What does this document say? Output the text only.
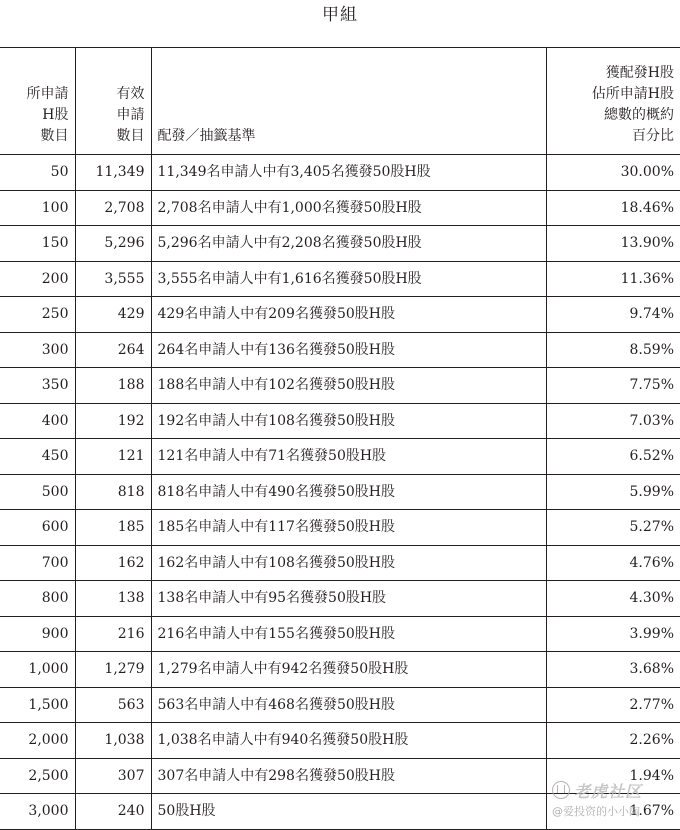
甲組
所申請
H股
數目	有效
申請
數目	配發／抽籤基準	獲配發H股
佔所申請H股
總數的概約
百分比
50	11,349	11,349名申請人中有3,405名獲發50股H股	30.00%
100	2,708	2,708名申請人中有1,000名獲發50股H股	18.46%
150	5,296	5,296名申請人中有2,208名獲發50股H股	13.90%
200	3,555	3,555名申請人中有1,616名獲發50股H股	11.36%
250	429	429名申請人中有209名獲發50股H股	9.74%
300	264	264名申請人中有136名獲發50股H股	8.59%
350	188	188名申請人中有102名獲發50股H股	7.75%
400	192	192名申請人中有108名獲發50股H股	7.03%
450	121	121名申請人中有71名獲發50股H股	6.52%
500	818	818名申請人中有490名獲發50股H股	5.99%
600	185	185名申請人中有117名獲發50股H股	5.27%
700	162	162名申請人中有108名獲發50股H股	4.76%
800	138	138名申請人中有95名獲發50股H股	4.30%
900	216	216名申請人中有155名獲發50股H股	3.99%
1,000	1,279	1,279名申請人中有942名獲發50股H股	3.68%
1,500	563	563名申請人中有468名獲發50股H股	2.77%
2,000	1,038	1,038名申請人中有940名獲發50股H股	2.26%
2,500	307	307名申請人中有298名獲發50股H股	1.94%
3,000	240	50股H股	1.67%
老虎社区
@爱投资的小小陶
